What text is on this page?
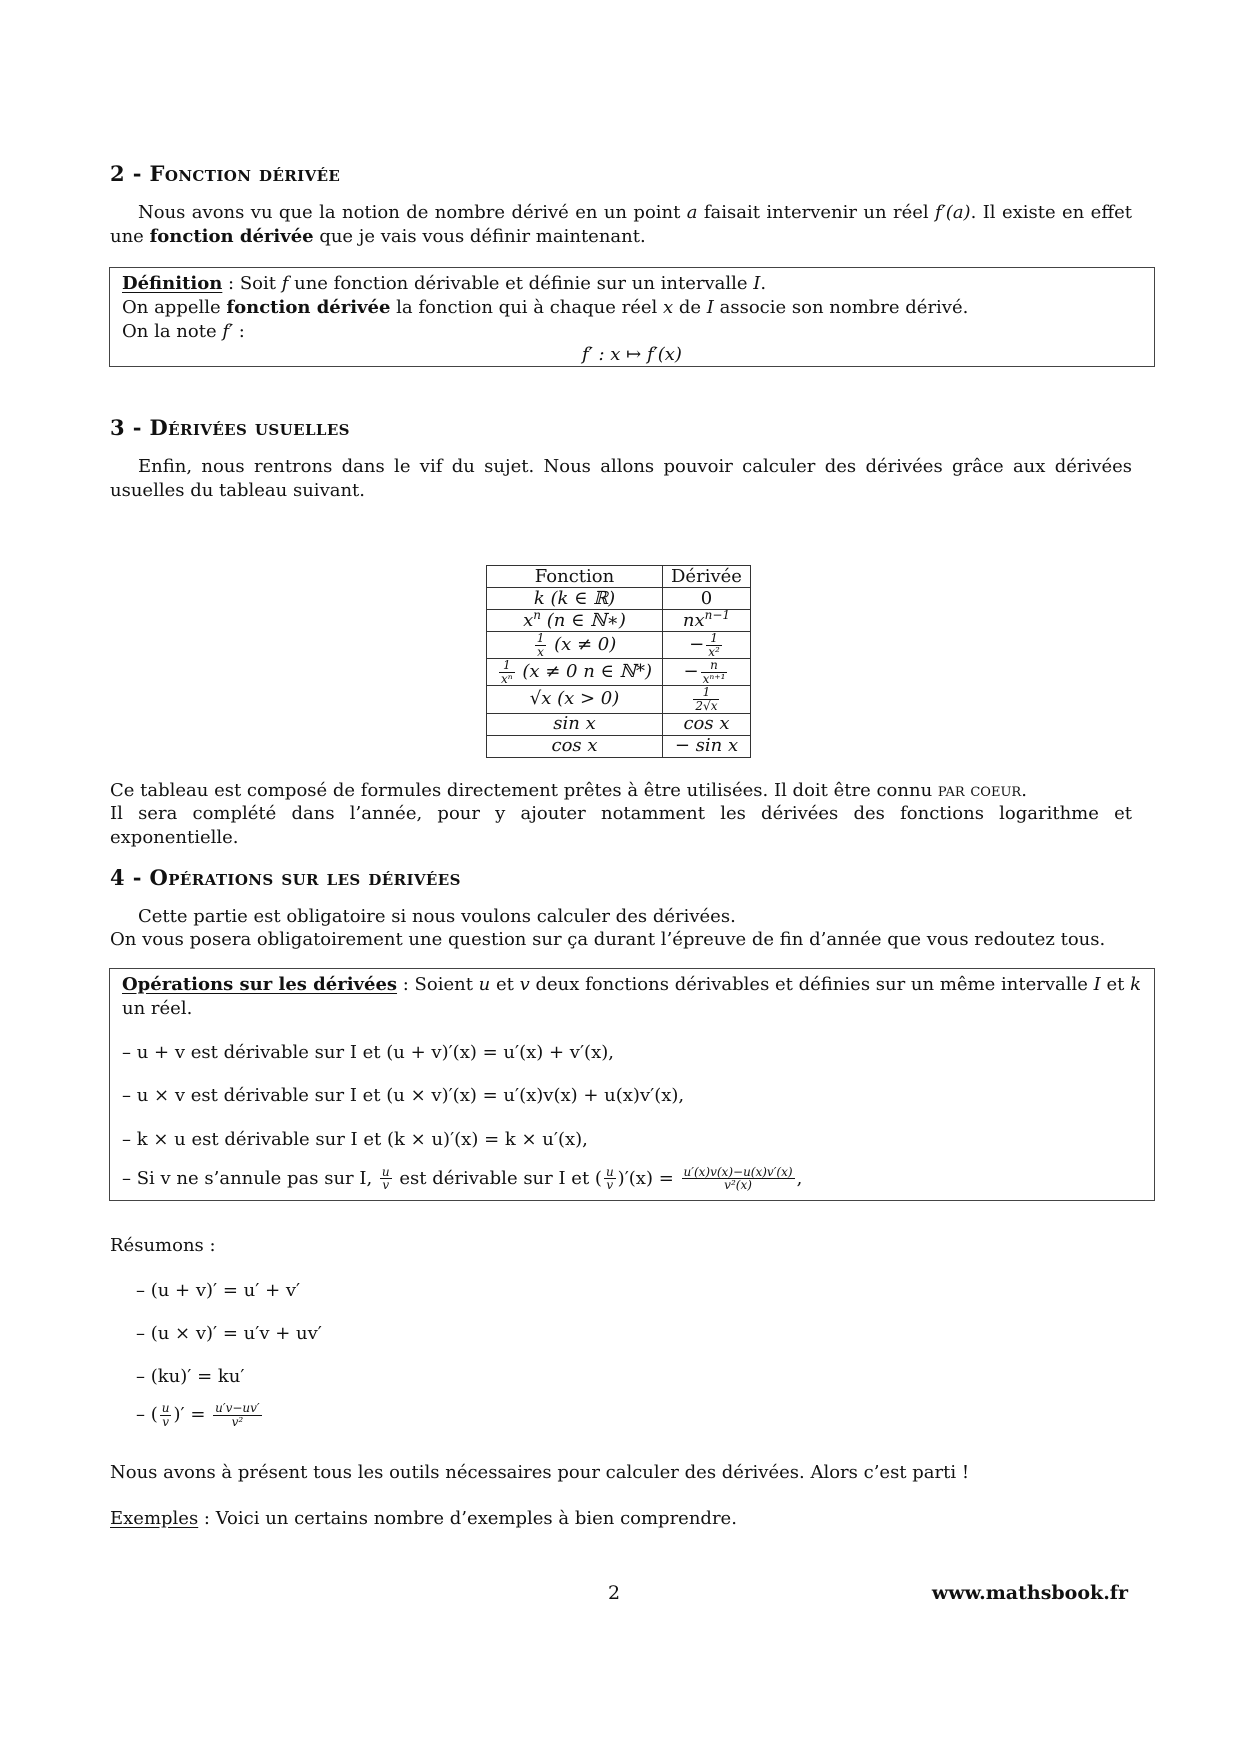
2 - Fonction dérivée

Nous avons vu que la notion de nombre dérivé en un point a faisait intervenir un réel f′(a). Il existe en effet une fonction dérivée que je vais vous définir maintenant.

Définition : Soit f une fonction dérivable et définie sur un intervalle I.
On appelle fonction dérivée la fonction qui à chaque réel x de I associe son nombre dérivé.
On la note f′ :
f′ : x ↦ f′(x)
3 - Dérivées usuelles

Enfin, nous rentrons dans le vif du sujet. Nous allons pouvoir calculer des dérivées grâce aux dérivées usuelles du tableau suivant.

Fonction	Dérivée
k (k ∈ ℝ)	0
$x^n$ (n ∈ ℕ∗)	$nx^{n-1}$

$\frac{1}{x} (x \ne 0)$	− $\frac{1}{\text{x²}}$

$\frac{1}{\text{xⁿ}} (x \ne 0$ n ∈ ℕ*)	− $\frac{n}{\text{xⁿ⁺¹}}$

√x (x > 0)	$\frac{1}{2√x}$

sin x	cos x
cos x	− sin x

Ce tableau est composé de formules directement prêtes à être utilisées. Il doit être connu par coeur.

Il sera complété dans l’année, pour y ajouter notamment les dérivées des fonctions logarithme et exponentielle.

4 - Opérations sur les dérivées

Cette partie est obligatoire si nous voulons calculer des dérivées.

On vous posera obligatoirement une question sur ça durant l’épreuve de fin d’année que vous redoutez tous.

Opérations sur les dérivées : Soient u et v deux fonctions dérivables et définies sur un même intervalle I et k un réel.
– u + v est dérivable sur I et (u + v)′(x) = u′(x) + v′(x),
– u × v est dérivable sur I et (u × v)′(x) = u′(x)v(x) + u(x)v′(x),
– k × u est dérivable sur I et (k × u)′(x) = k × u′(x),
– Si v ne s’annule pas sur I, $\frac{u}{v}$ est dérivable sur I et ( $\frac{u}{v} )'(x) = \frac{u'(x)v(x)-u(x)v'(x)}{\text{v²(x)}}$ ,

Résumons :

– (u + v)′ = u′ + v′
– (u × v)′ = u′v + uv′
– (ku)′ = ku′
– ( $\frac{u}{v}$ )′ = $\frac{u'v-uv'}{\text{v²}}$

Nous avons à présent tous les outils nécessaires pour calculer des dérivées. Alors c’est parti !

Exemples : Voici un certains nombre d’exemples à bien comprendre.

2	www.mathsbook.fr
